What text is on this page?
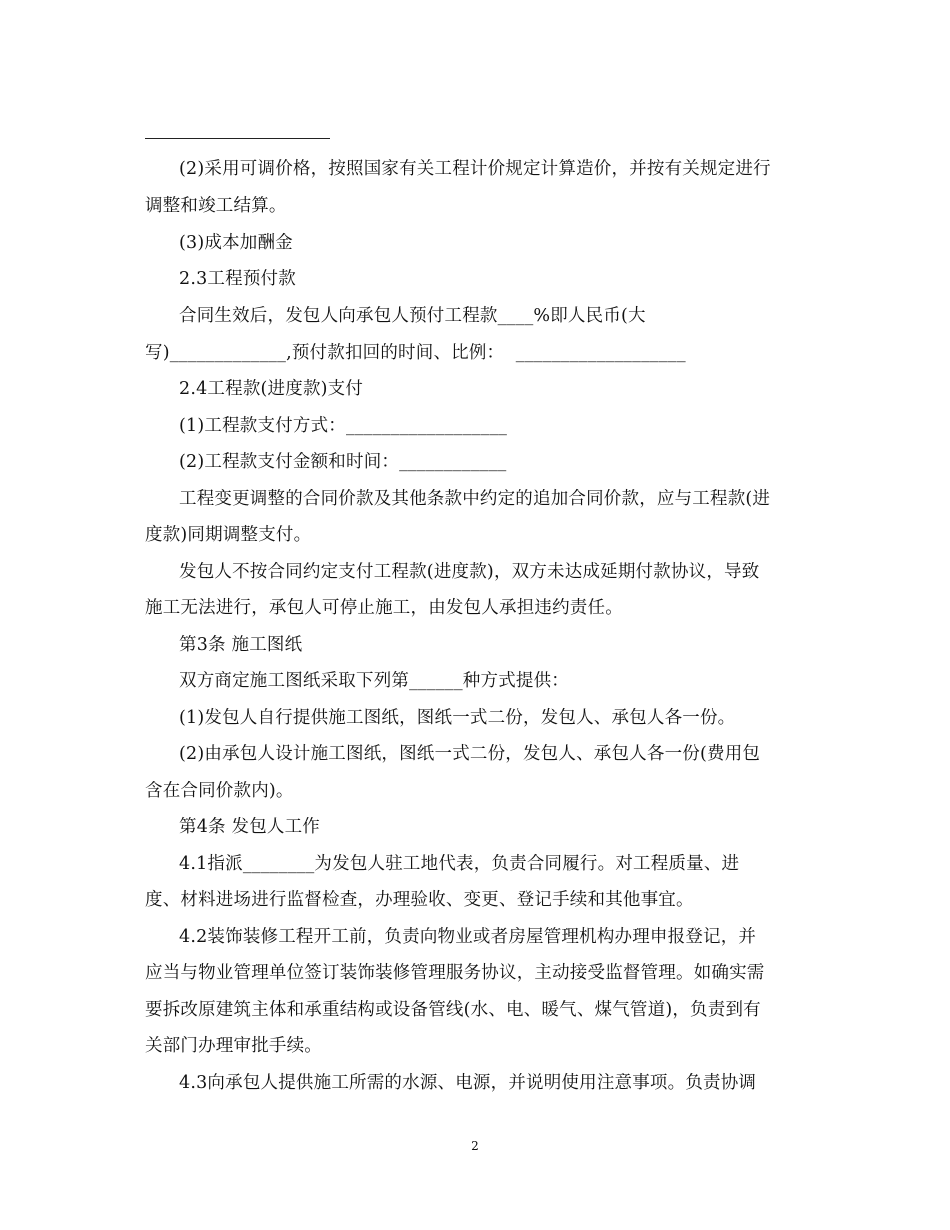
(2)采用可调价格，按照国家有关工程计价规定计算造价，并按有关规定进行
调整和竣工结算。
(3)成本加酬金
2.3工程预付款
合同生效后，发包人向承包人预付工程款____%即人民币(大
写)_____________,预付款扣回的时间、比例：  ___________________
2.4工程款(进度款)支付
(1)工程款支付方式：__________________
(2)工程款支付金额和时间：____________
工程变更调整的合同价款及其他条款中约定的追加合同价款，应与工程款(进
度款)同期调整支付。
发包人不按合同约定支付工程款(进度款)，双方未达成延期付款协议，导致
施工无法进行，承包人可停止施工，由发包人承担违约责任。
第3条 施工图纸
双方商定施工图纸采取下列第______种方式提供：
(1)发包人自行提供施工图纸，图纸一式二份，发包人、承包人各一份。
(2)由承包人设计施工图纸，图纸一式二份，发包人、承包人各一份(费用包
含在合同价款内)。
第4条 发包人工作
4.1指派________为发包人驻工地代表，负责合同履行。对工程质量、进
度、材料进场进行监督检查，办理验收、变更、登记手续和其他事宜。
4.2装饰装修工程开工前，负责向物业或者房屋管理机构办理申报登记，并
应当与物业管理单位签订装饰装修管理服务协议，主动接受监督管理。如确实需
要拆改原建筑主体和承重结构或设备管线(水、电、暖气、煤气管道)，负责到有
关部门办理审批手续。
4.3向承包人提供施工所需的水源、电源，并说明使用注意事项。负责协调
2
